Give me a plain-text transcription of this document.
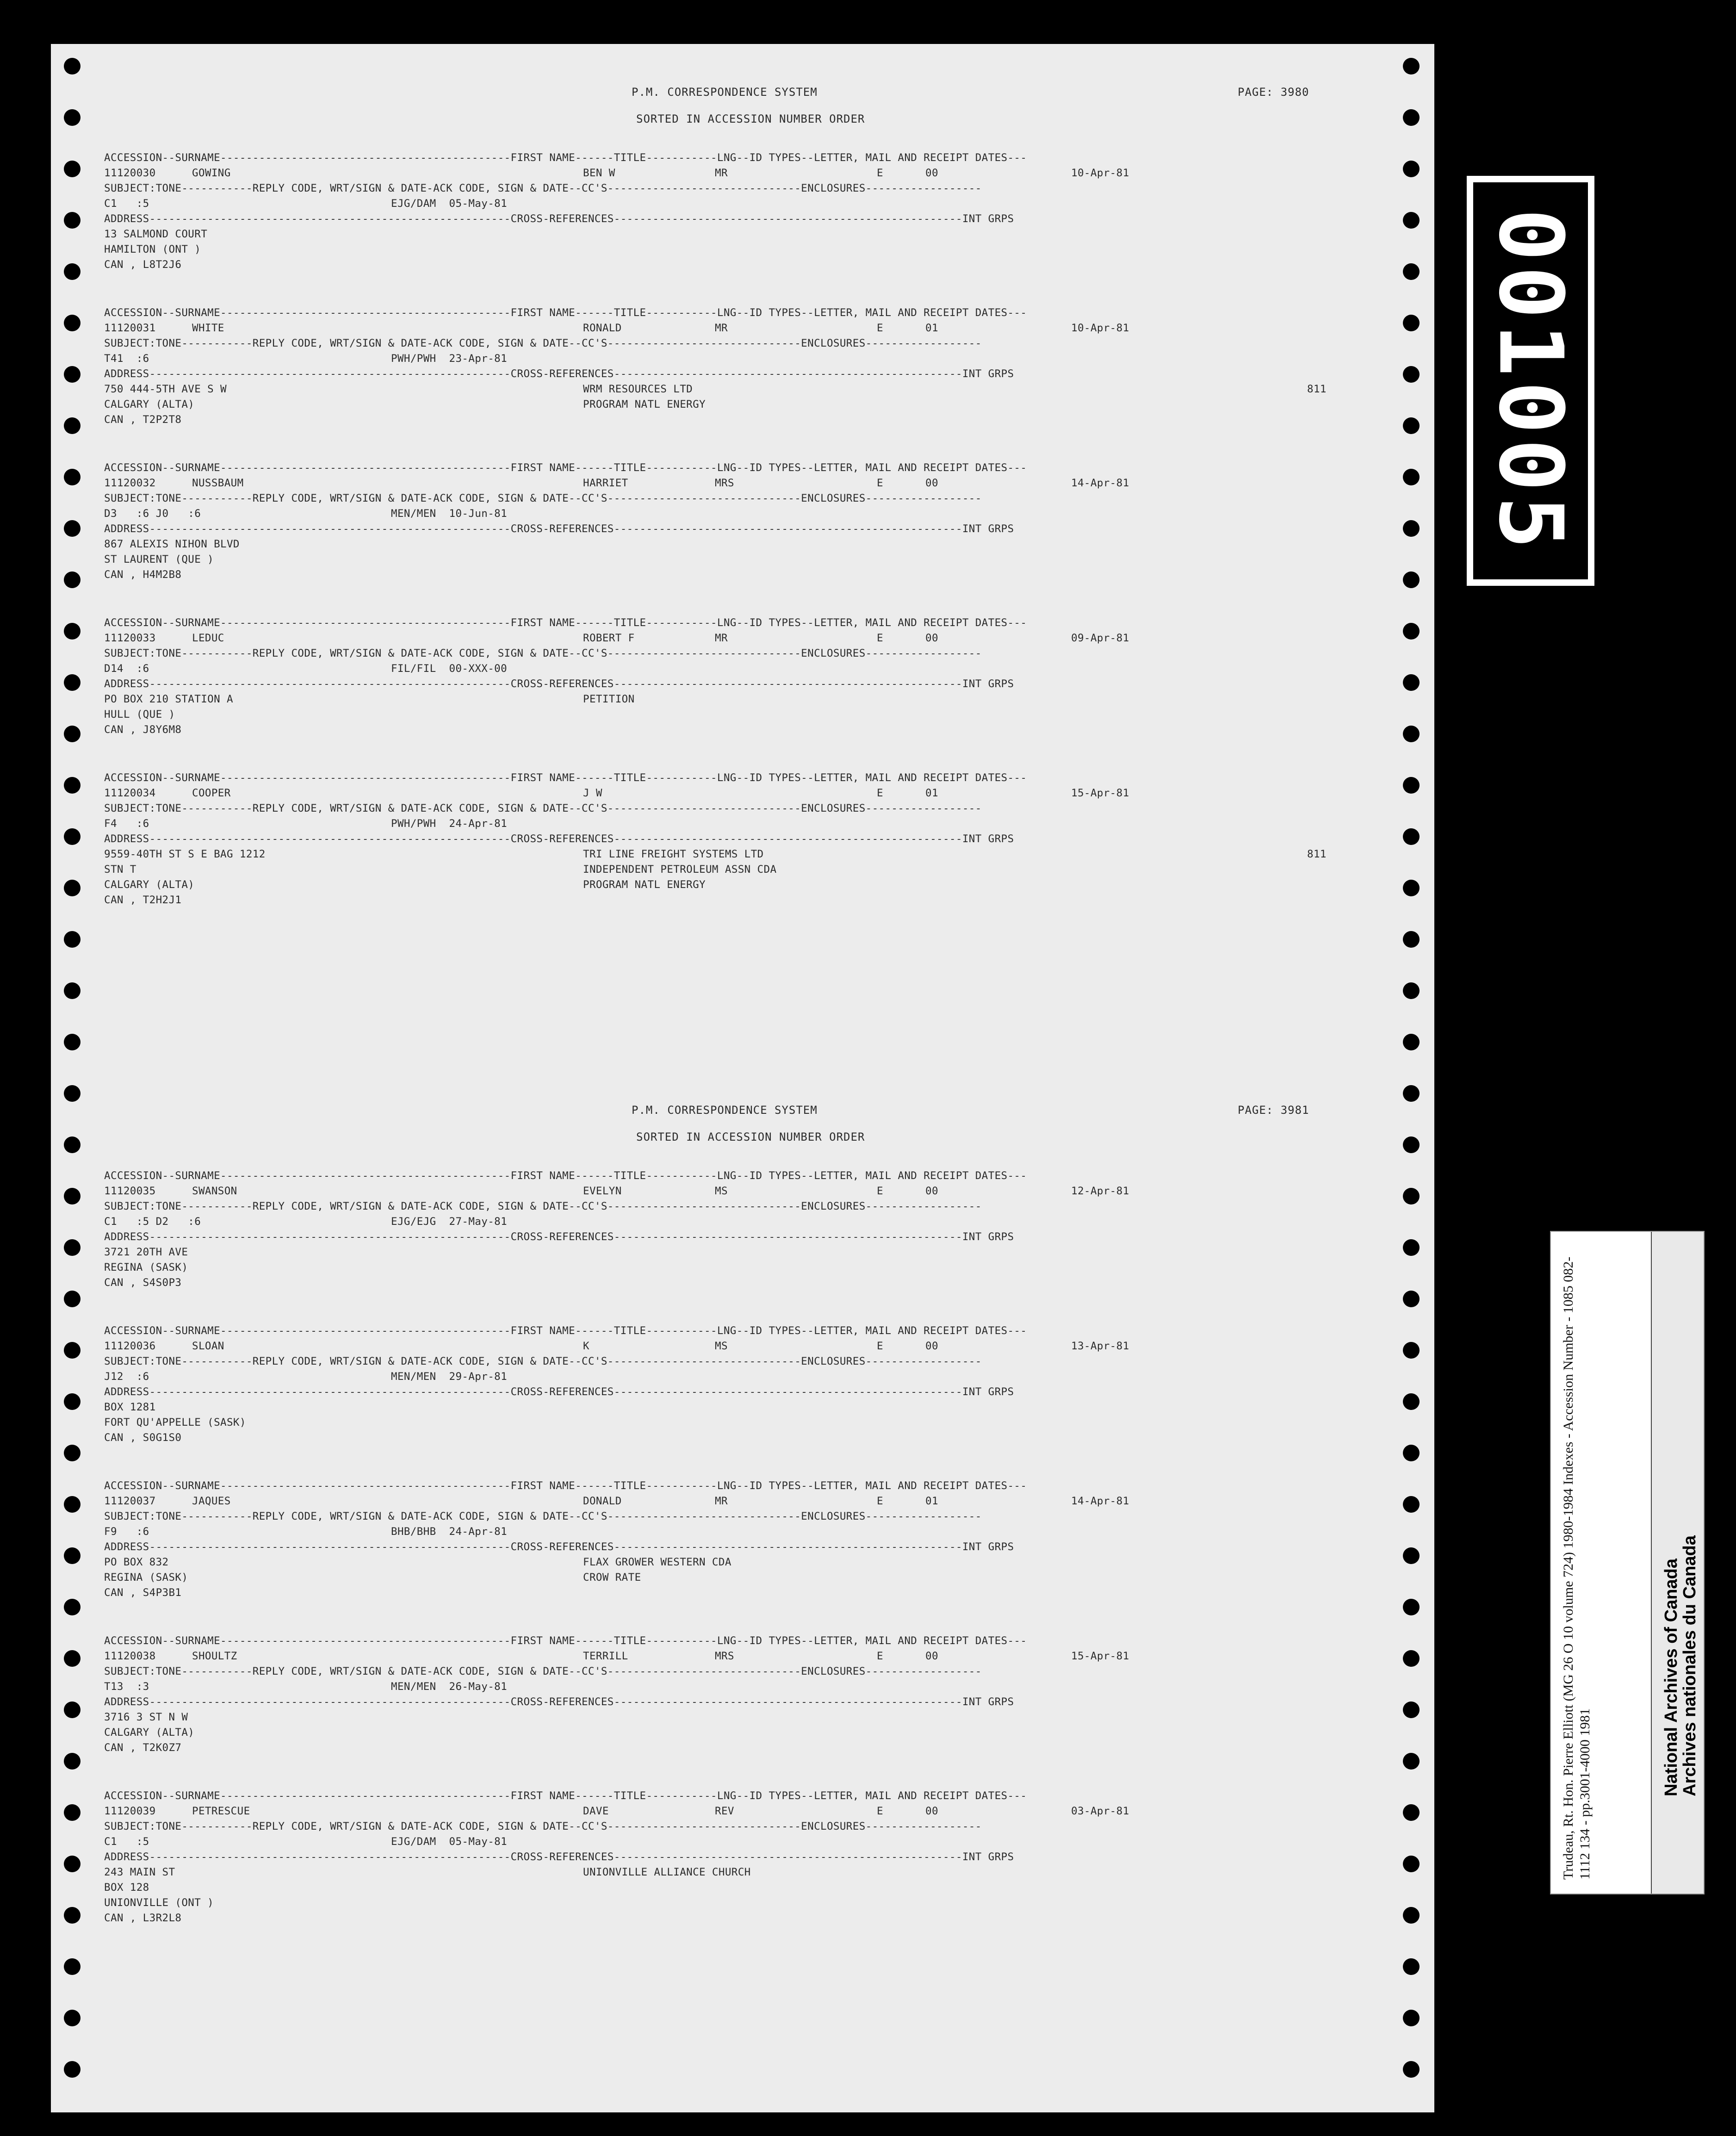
P.M. CORRESPONDENCE SYSTEM	PAGE: 3980
SORTED IN ACCESSION NUMBER ORDER
ACCESSION--SURNAME---------------------------------------------FIRST NAME------TITLE-----------LNG--ID TYPES--LETTER, MAIL AND RECEIPT DATES---
11120030	GOWING	BEN W	MR	E	00	10-Apr-81
SUBJECT:TONE-----------REPLY CODE, WRT/SIGN & DATE-ACK CODE, SIGN & DATE--CC'S------------------------------ENCLOSURES------------------
C1   :5	EJG/DAM  05-May-81
ADDRESS--------------------------------------------------------CROSS-REFERENCES------------------------------------------------------INT GRPS
13 SALMOND COURT
HAMILTON (ONT )
CAN , L8T2J6
ACCESSION--SURNAME---------------------------------------------FIRST NAME------TITLE-----------LNG--ID TYPES--LETTER, MAIL AND RECEIPT DATES---
11120031	WHITE	RONALD	MR	E	01	10-Apr-81
SUBJECT:TONE-----------REPLY CODE, WRT/SIGN & DATE-ACK CODE, SIGN & DATE--CC'S------------------------------ENCLOSURES------------------
T41  :6	PWH/PWH  23-Apr-81
ADDRESS--------------------------------------------------------CROSS-REFERENCES------------------------------------------------------INT GRPS
750 444-5TH AVE S W	WRM RESOURCES LTD	811
CALGARY (ALTA)	PROGRAM NATL ENERGY
CAN , T2P2T8
ACCESSION--SURNAME---------------------------------------------FIRST NAME------TITLE-----------LNG--ID TYPES--LETTER, MAIL AND RECEIPT DATES---
11120032	NUSSBAUM	HARRIET	MRS	E	00	14-Apr-81
SUBJECT:TONE-----------REPLY CODE, WRT/SIGN & DATE-ACK CODE, SIGN & DATE--CC'S------------------------------ENCLOSURES------------------
D3   :6 J0   :6	MEN/MEN  10-Jun-81
ADDRESS--------------------------------------------------------CROSS-REFERENCES------------------------------------------------------INT GRPS
867 ALEXIS NIHON BLVD
ST LAURENT (QUE )
CAN , H4M2B8
ACCESSION--SURNAME---------------------------------------------FIRST NAME------TITLE-----------LNG--ID TYPES--LETTER, MAIL AND RECEIPT DATES---
11120033	LEDUC	ROBERT F	MR	E	00	09-Apr-81
SUBJECT:TONE-----------REPLY CODE, WRT/SIGN & DATE-ACK CODE, SIGN & DATE--CC'S------------------------------ENCLOSURES------------------
D14  :6	FIL/FIL  00-XXX-00
ADDRESS--------------------------------------------------------CROSS-REFERENCES------------------------------------------------------INT GRPS
PO BOX 210 STATION A	PETITION
HULL (QUE )
CAN , J8Y6M8
ACCESSION--SURNAME---------------------------------------------FIRST NAME------TITLE-----------LNG--ID TYPES--LETTER, MAIL AND RECEIPT DATES---
11120034	COOPER	J W	E	01	15-Apr-81
SUBJECT:TONE-----------REPLY CODE, WRT/SIGN & DATE-ACK CODE, SIGN & DATE--CC'S------------------------------ENCLOSURES------------------
F4   :6	PWH/PWH  24-Apr-81
ADDRESS--------------------------------------------------------CROSS-REFERENCES------------------------------------------------------INT GRPS
9559-40TH ST S E BAG 1212	TRI LINE FREIGHT SYSTEMS LTD	811
STN T	INDEPENDENT PETROLEUM ASSN CDA
CALGARY (ALTA)	PROGRAM NATL ENERGY
CAN , T2H2J1
P.M. CORRESPONDENCE SYSTEM	PAGE: 3981
SORTED IN ACCESSION NUMBER ORDER
ACCESSION--SURNAME---------------------------------------------FIRST NAME------TITLE-----------LNG--ID TYPES--LETTER, MAIL AND RECEIPT DATES---
11120035	SWANSON	EVELYN	MS	E	00	12-Apr-81
SUBJECT:TONE-----------REPLY CODE, WRT/SIGN & DATE-ACK CODE, SIGN & DATE--CC'S------------------------------ENCLOSURES------------------
C1   :5 D2   :6	EJG/EJG  27-May-81
ADDRESS--------------------------------------------------------CROSS-REFERENCES------------------------------------------------------INT GRPS
3721 20TH AVE
REGINA (SASK)
CAN , S4S0P3
ACCESSION--SURNAME---------------------------------------------FIRST NAME------TITLE-----------LNG--ID TYPES--LETTER, MAIL AND RECEIPT DATES---
11120036	SLOAN	K	MS	E	00	13-Apr-81
SUBJECT:TONE-----------REPLY CODE, WRT/SIGN & DATE-ACK CODE, SIGN & DATE--CC'S------------------------------ENCLOSURES------------------
J12  :6	MEN/MEN  29-Apr-81
ADDRESS--------------------------------------------------------CROSS-REFERENCES------------------------------------------------------INT GRPS
BOX 1281
FORT QU'APPELLE (SASK)
CAN , S0G1S0
ACCESSION--SURNAME---------------------------------------------FIRST NAME------TITLE-----------LNG--ID TYPES--LETTER, MAIL AND RECEIPT DATES---
11120037	JAQUES	DONALD	MR	E	01	14-Apr-81
SUBJECT:TONE-----------REPLY CODE, WRT/SIGN & DATE-ACK CODE, SIGN & DATE--CC'S------------------------------ENCLOSURES------------------
F9   :6	BHB/BHB  24-Apr-81
ADDRESS--------------------------------------------------------CROSS-REFERENCES------------------------------------------------------INT GRPS
PO BOX 832	FLAX GROWER WESTERN CDA
REGINA (SASK)	CROW RATE
CAN , S4P3B1
ACCESSION--SURNAME---------------------------------------------FIRST NAME------TITLE-----------LNG--ID TYPES--LETTER, MAIL AND RECEIPT DATES---
11120038	SHOULTZ	TERRILL	MRS	E	00	15-Apr-81
SUBJECT:TONE-----------REPLY CODE, WRT/SIGN & DATE-ACK CODE, SIGN & DATE--CC'S------------------------------ENCLOSURES------------------
T13  :3	MEN/MEN  26-May-81
ADDRESS--------------------------------------------------------CROSS-REFERENCES------------------------------------------------------INT GRPS
3716 3 ST N W
CALGARY (ALTA)
CAN , T2K0Z7
ACCESSION--SURNAME---------------------------------------------FIRST NAME------TITLE-----------LNG--ID TYPES--LETTER, MAIL AND RECEIPT DATES---
11120039	PETRESCUE	DAVE	REV	E	00	03-Apr-81
SUBJECT:TONE-----------REPLY CODE, WRT/SIGN & DATE-ACK CODE, SIGN & DATE--CC'S------------------------------ENCLOSURES------------------
C1   :5	EJG/DAM  05-May-81
ADDRESS--------------------------------------------------------CROSS-REFERENCES------------------------------------------------------INT GRPS
243 MAIN ST	UNIONVILLE ALLIANCE CHURCH
BOX 128
UNIONVILLE (ONT )
CAN , L3R2L8
001005
Trudeau, Rt. Hon. Pierre Elliott (MG 26 O 10 volume 724) 1980-1984 Indexes - Accession Number - 1085 082-1112 134 - pp.3001-4000 1981	National Archives of Canada
Archives nationales du Canada
